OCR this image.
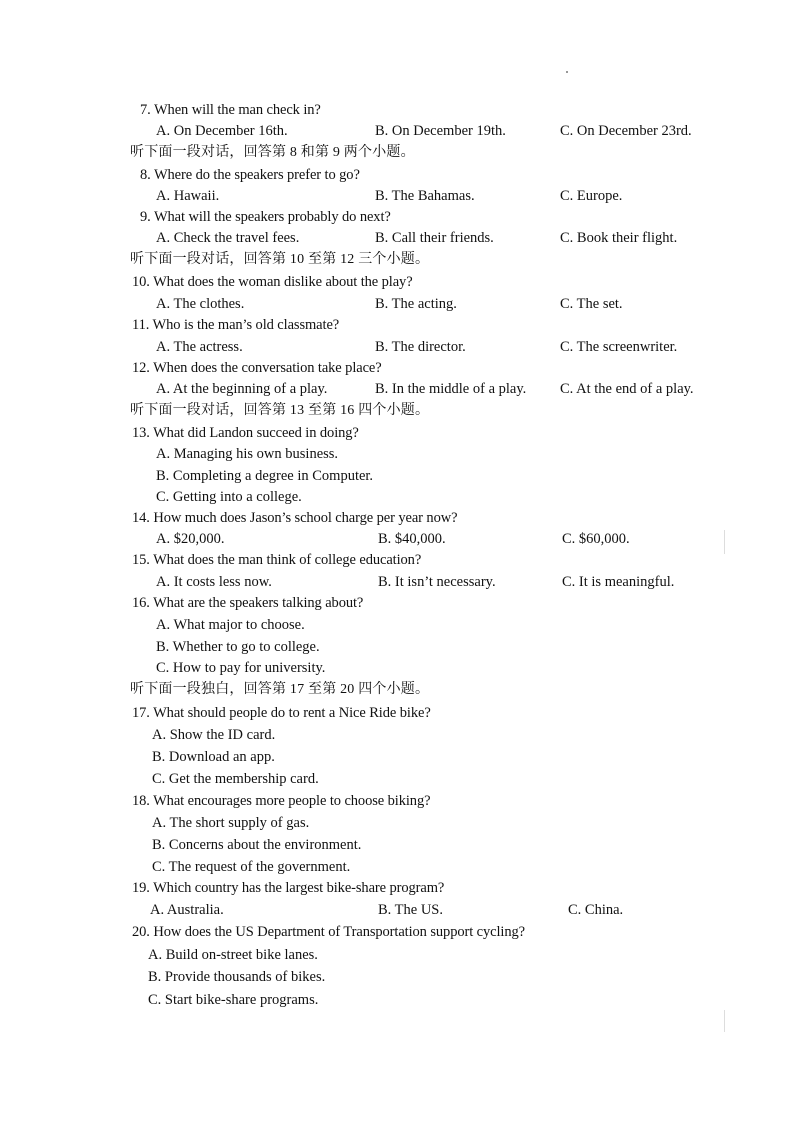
7. When will the man check in?
A. On December 16th.	B. On December 19th.	C. On December 23rd.
听下面一段对话，回答第 8 和第 9 两个小题。
8. Where do the speakers prefer to go?
A. Hawaii.	B. The Bahamas.	C. Europe.
9. What will the speakers probably do next?
A. Check the travel fees.	B. Call their friends.	C. Book their flight.
听下面一段对话，回答第 10 至第 12 三个小题。
10. What does the woman dislike about the play?
A. The clothes.	B. The acting.	C. The set.
11. Who is the man’s old classmate?
A. The actress.	B. The director.	C. The screenwriter.
12. When does the conversation take place?
A. At the beginning of a play.	B. In the middle of a play. C. At the end of a play.
听下面一段对话，回答第 13 至第 16 四个小题。
13. What did Landon succeed in doing?
A. Managing his own business.
B. Completing a degree in Computer.
C. Getting into a college.
14. How much does Jason’s school charge per year now?
A. $20,000.	B. $40,000.	C. $60,000.
15. What does the man think of college education?
A. It costs less now.	B. It isn’t necessary.	C. It is meaningful.
16. What are the speakers talking about?
A. What major to choose.
B. Whether to go to college.
C. How to pay for university.
听下面一段独白，回答第 17 至第 20 四个小题。
17. What should people do to rent a Nice Ride bike?
A. Show the ID card.
B. Download an app.
C. Get the membership card.
18. What encourages more people to choose biking?
A. The short supply of gas.
B. Concerns about the environment.
C. The request of the government.
19. Which country has the largest bike-share program?
A. Australia.	B. The US.	C. China.
20. How does the US Department of Transportation support cycling?
A. Build on-street bike lanes.
B. Provide thousands of bikes.
C. Start bike-share programs.
